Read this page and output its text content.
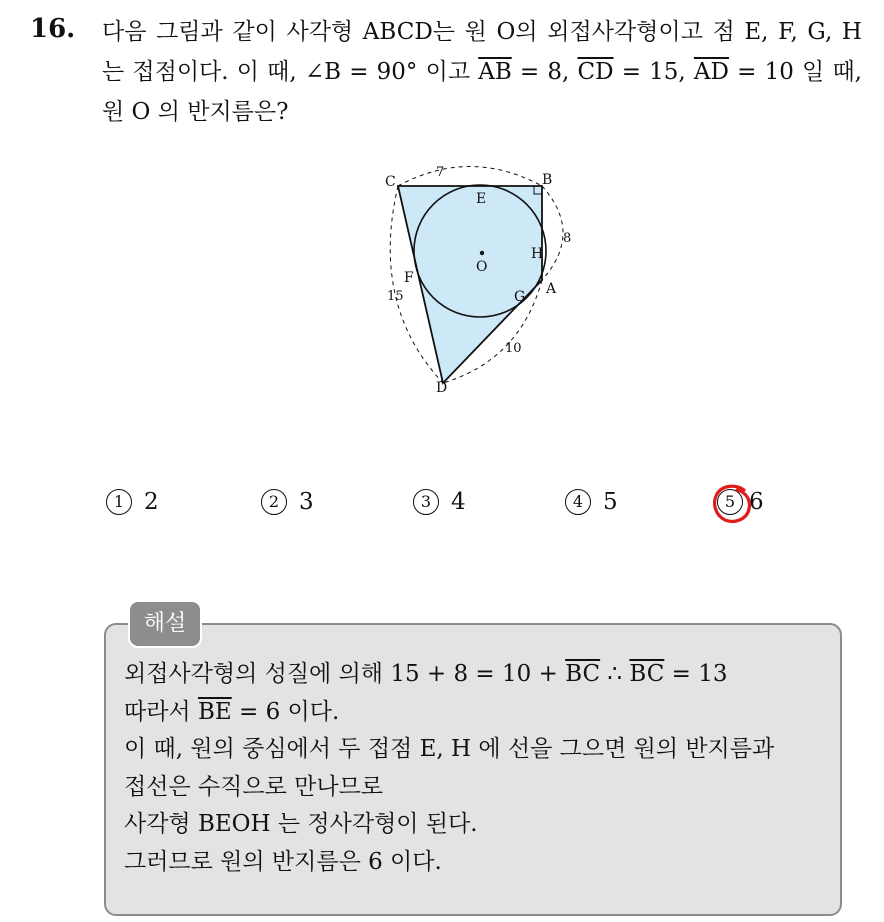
16. 다음 그림과 같이 사각형 ABCD는 원 O의 외접사각형이고 점 E, F, G, H 는 접점이다. 이 때, ∠B = 90° 이고 $\overline{AB} = 8$, $\overline{CD} = 15$, $\overline{AD} = 10$ 일 때, 원 O 의 반지름은?
C	B
E
H
O
F
G A
D
7
8
15
10
1 2	2 3	3 4	4 5	5 6
해설
외접사각형의 성질에 의해 $15 + 8 = 10 + \overline{BC}$ ∴ $\overline{BC} = 13$
따라서 $\overline{BE} = 6$ 이다.
이 때, 원의 중심에서 두 접점 E, H 에 선을 그으면 원의 반지름과
접선은 수직으로 만나므로
사각형 BEOH 는 정사각형이 된다.
그러므로 원의 반지름은 6 이다.
